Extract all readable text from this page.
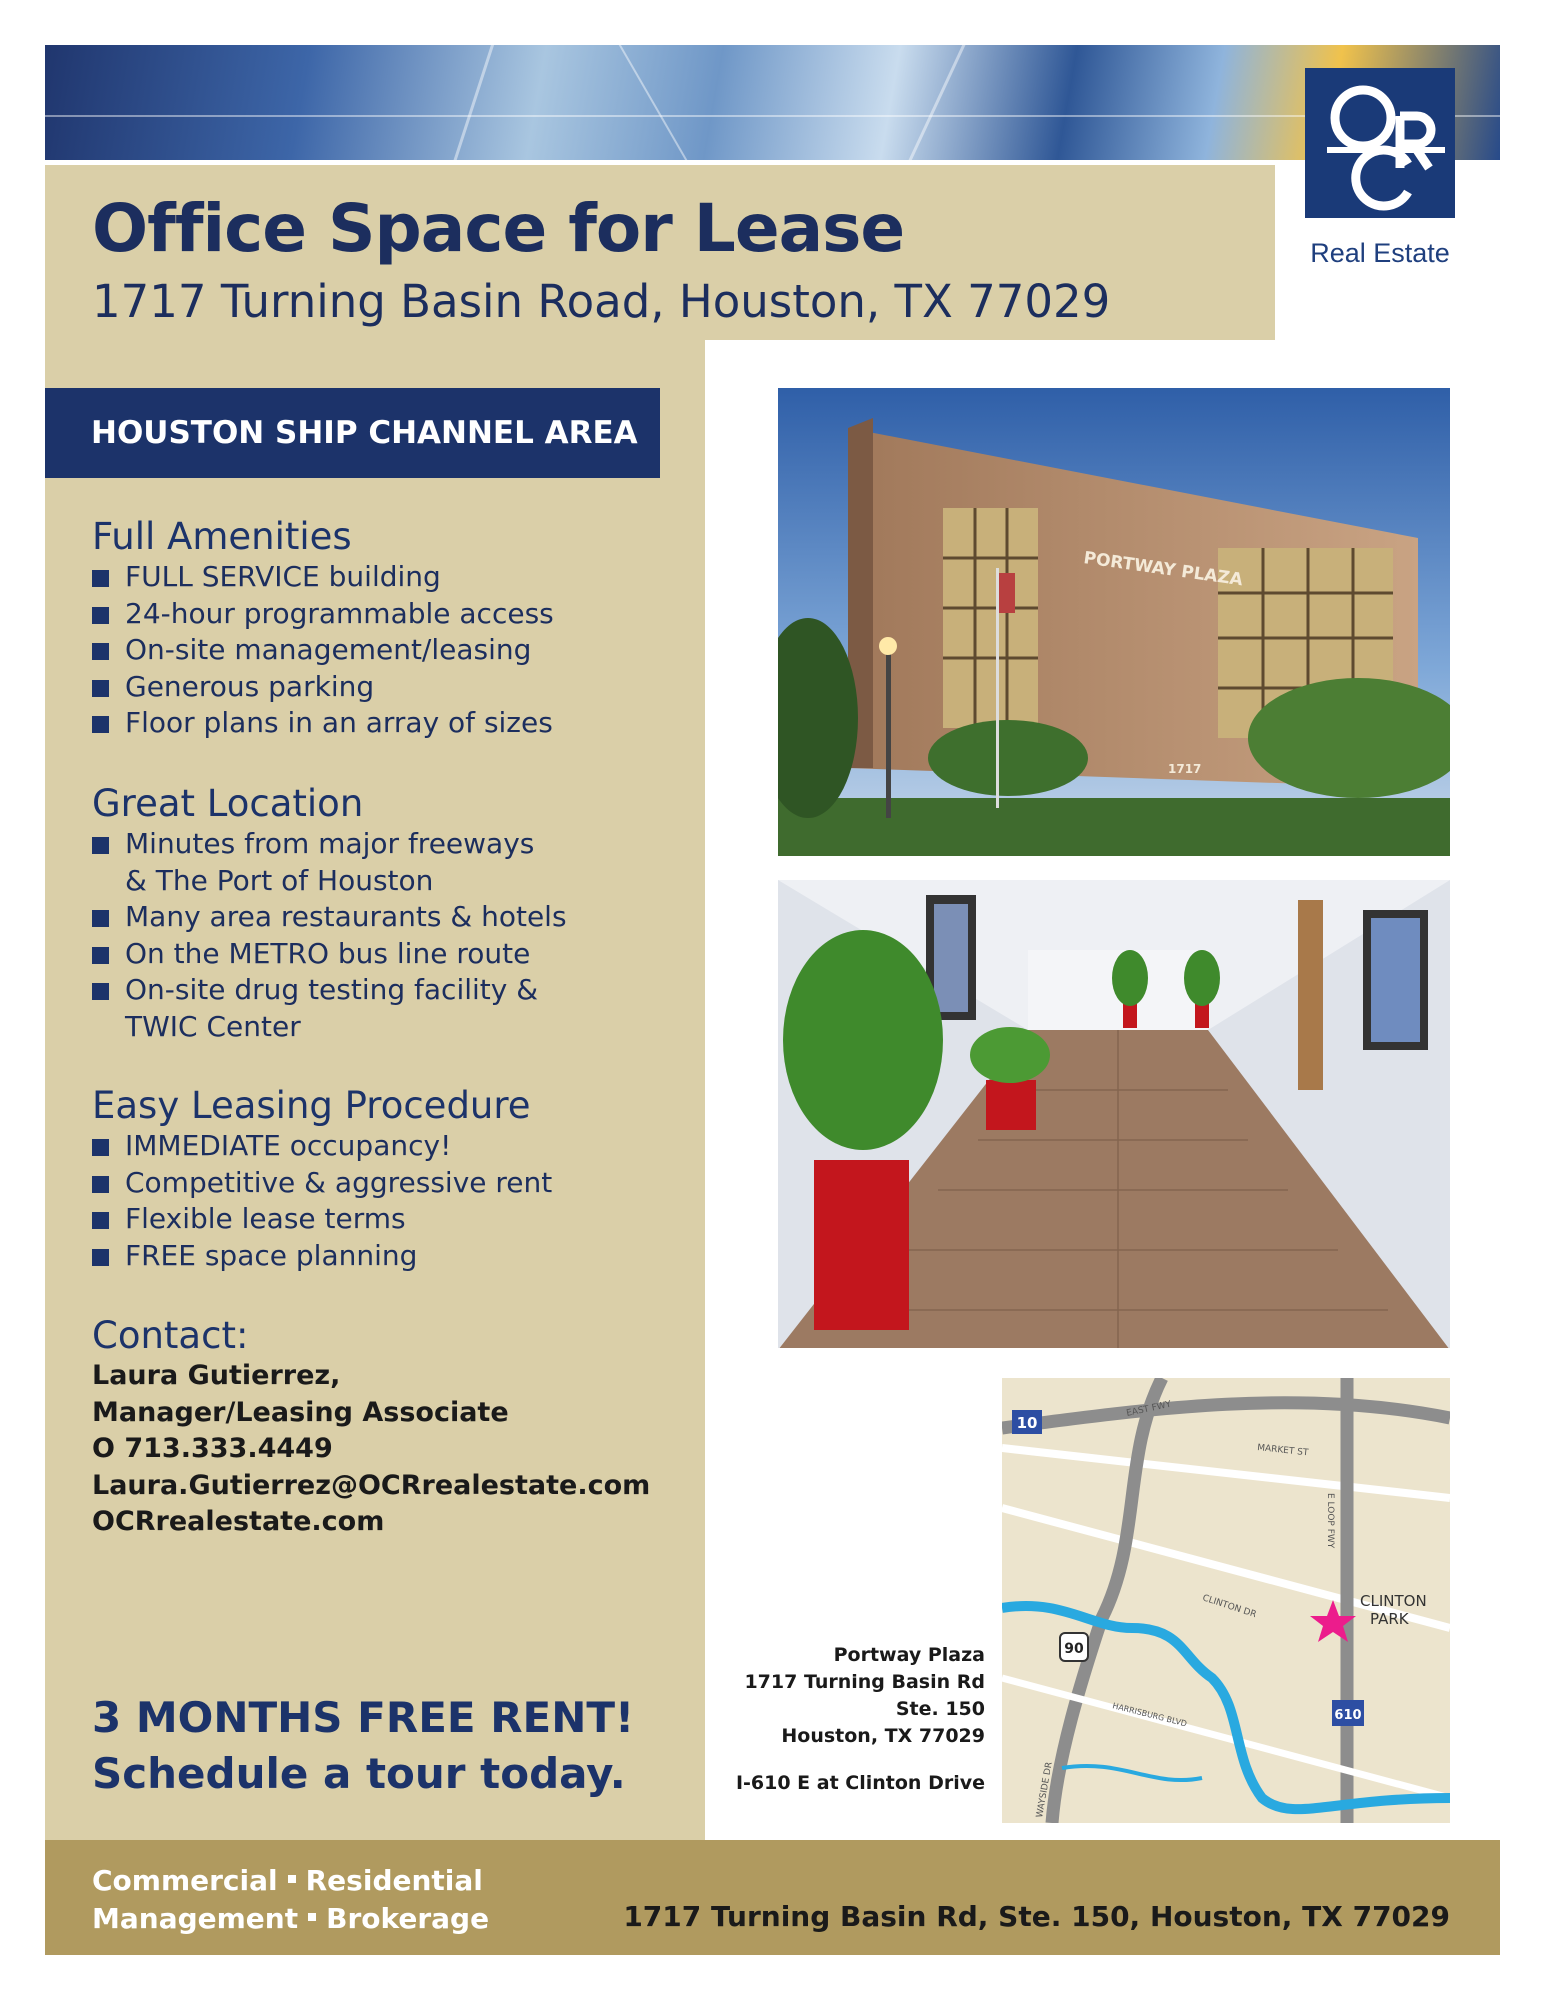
Real Estate
Office Space for Lease
1717 Turning Basin Road, Houston, TX 77029
HOUSTON SHIP CHANNEL AREA
Full Amenities
FULL SERVICE building
24-hour programmable access
On-site management/leasing
Generous parking
Floor plans in an array of sizes
Great Location
Minutes from major freeways
& The Port of Houston
Many area restaurants & hotels
On the METRO bus line route
On-site drug testing facility &
TWIC Center
Easy Leasing Procedure
IMMEDIATE occupancy!
Competitive & aggressive rent
Flexible lease terms
FREE space planning
Contact:
Laura Gutierrez,
Manager/Leasing Associate
O 713.333.4449
Laura.Gutierrez@OCRrealestate.com
OCRrealestate.com
3 MONTHS FREE RENT!
Schedule a tour today.
PORTWAY PLAZA
1717
10
EAST FWY
MARKET ST
E LOOP FWY
CLINTON DR	CLINTON
PARK
90
HARRISBURG BLVD
WAYSIDE DR
610
Portway Plaza
1717 Turning Basin Rd
Ste. 150
Houston, TX 77029
I-610 E at Clinton Drive
Commercial Residential
Management Brokerage	1717 Turning Basin Rd, Ste. 150, Houston, TX 77029
